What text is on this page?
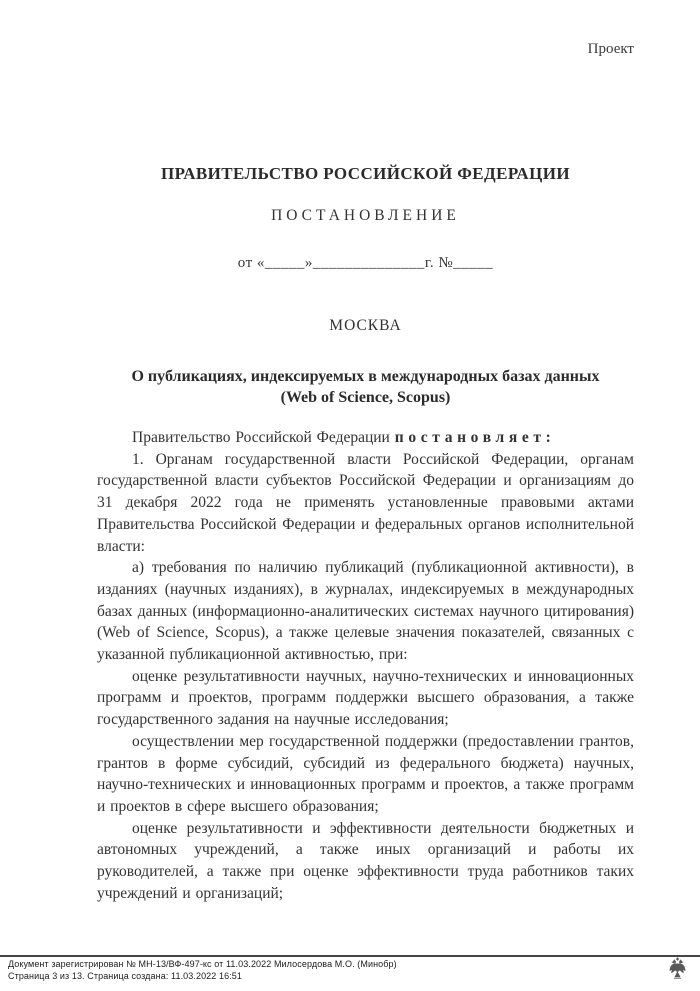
Проект
ПРАВИТЕЛЬСТВО РОССИЙСКОЙ ФЕДЕРАЦИИ
ПОСТАНОВЛЕНИЕ
от «_____»______________г. №_____
МОСКВА
О публикациях, индексируемых в международных базах данных
(Web of Science, Scopus)

Правительство Российской Федерации постановляет:

1. Органам государственной власти Российской Федерации, органам государственной власти субъектов Российской Федерации и организациям до 31 декабря 2022 года не применять установленные правовыми актами Правительства Российской Федерации и федеральных органов исполнительной власти:

а) требования по наличию публикаций (публикационной активности), в изданиях (научных изданиях), в журналах, индексируемых в международных базах данных (информационно-аналитических системах научного цитирования) (Web of Science, Scopus), а также целевые значения показателей, связанных с указанной публикационной активностью, при:

оценке результативности научных, научно-технических и инновационных программ и проектов, программ поддержки высшего образования, а также государственного задания на научные исследования;

осуществлении мер государственной поддержки (предоставлении грантов, грантов в форме субсидий, субсидий из федерального бюджета) научных, научно-технических и инновационных программ и проектов, а также программ и проектов в сфере высшего образования;

оценке результативности и эффективности деятельности бюджетных и автономных учреждений, а также иных организаций и работы их руководителей, а также при оценке эффективности труда работников таких учреждений и организаций;

Документ зарегистрирован № МН-13/ВФ-497-кс от 11.03.2022 Милосердова М.О. (Минобр)
Страница 3 из 13. Страница создана: 11.03.2022 16:51
